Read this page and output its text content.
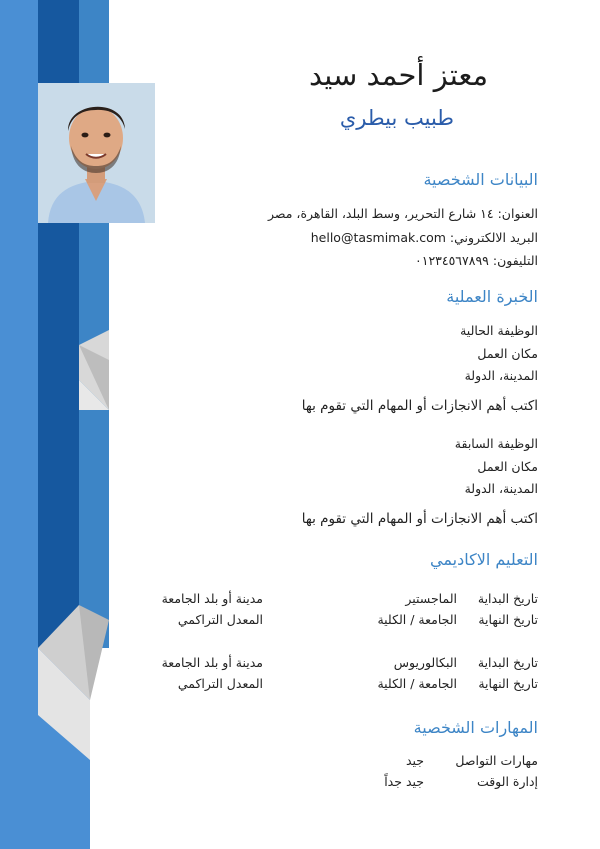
معتز أحمد سيد
طبيب بيطري
البيانات الشخصية
العنوان: ١٤ شارع التحرير، وسط البلد، القاهرة، مصر
البريد الالكتروني: hello@tasmimak.com
التليفون: ٠١٢٣٤٥٦٧٨٩٩
الخبرة العملية
الوظيفة الحالية
مكان العمل
المدينة، الدولة
اكتب أهم الانجازات أو المهام التي تقوم بها
الوظيفة السابقة
مكان العمل
المدينة، الدولة
اكتب أهم الانجازات أو المهام التي تقوم بها
التعليم الاكاديمي
تاريخ البداية
تاريخ النهاية
الماجستير
الجامعة / الكلية
مدينة أو بلد الجامعة
المعدل التراكمي
تاريخ البداية
تاريخ النهاية
البكالوريوس
الجامعة / الكلية
مدينة أو بلد الجامعة
المعدل التراكمي
المهارات الشخصية
مهارات التواصل
جيد
إدارة الوقت
جيد جداً
